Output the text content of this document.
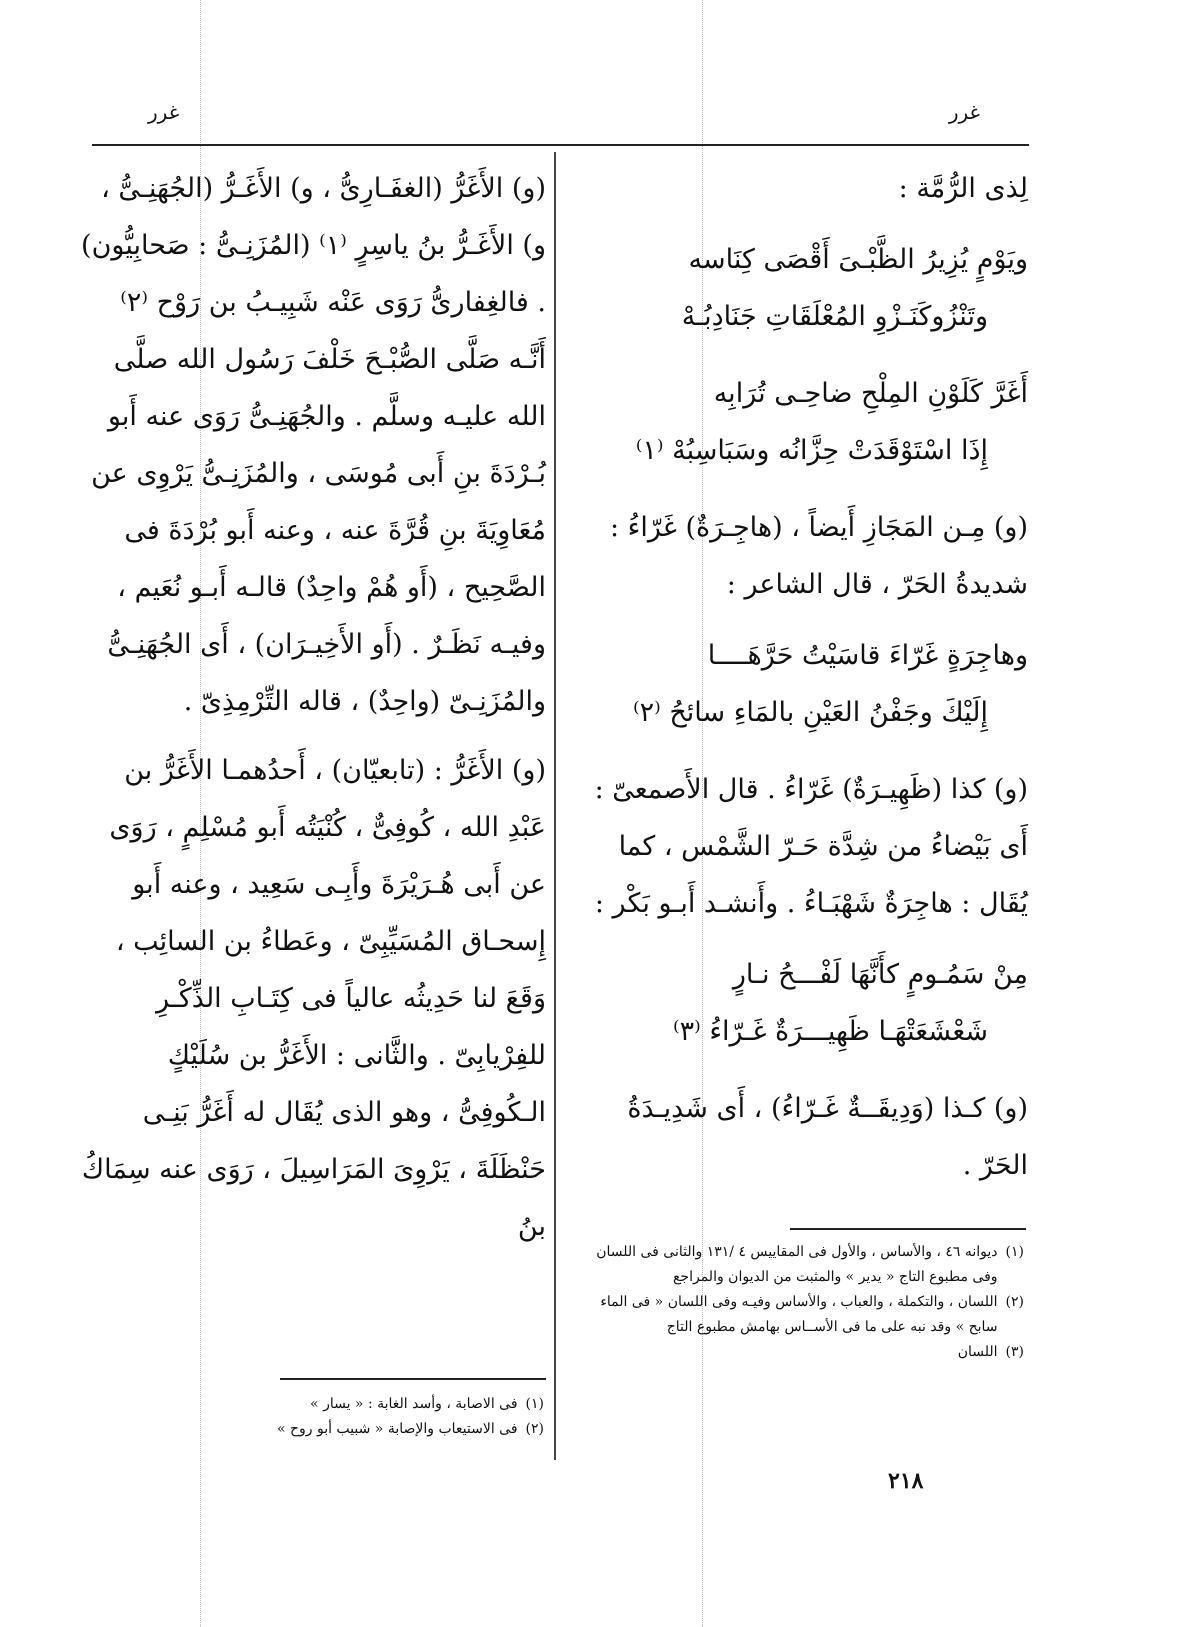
غرر
غرر

لِذى الرُّمَّة :

ويَوْمٍ يُزِيرُ الظَّبْـىَ أَقْصَى كِنَاسه

وتَنْزُوكَنَـزْوِ المُعْلَقَاتِ جَنَادِبُـهْ

أَغَرَّ كَلَوْنِ المِلْحِ ضاحِـى تُرَابِه

إِذَا اسْتَوْقَدَتْ حِزَّانُه وسَبَاسِبُهْ ⁽١⁾

(و) مِـن المَجَازِ أَيضاً ، (هاجِـرَةٌ) غَرّاءُ : شديدةُ الحَرّ ، قال الشاعر :

وهاجِرَةٍ غَرّاءَ قاسَيْتُ حَرَّهَــــا

إِلَيْكَ وجَفْنُ العَيْنِ بالمَاءِ سائحُ ⁽٢⁾

(و) كذا (ظَهِيـرَةٌ) غَرّاءُ . قال الأَصمعىّ : أَى بَيْضاءُ من شِدَّة حَـرّ الشَّمْس ، كما يُقَال : هاجِرَةٌ شَهْبَـاءُ . وأَنشـد أَبـو بَكْر :

مِنْ سَمُـومٍ كأَنَّهَا لَفْـــحُ نـارٍ

شَعْشَعَتْهَـا ظَهِيـــرَةٌ غَـرّاءُ ⁽٣⁾

(و) كـذا (وَدِيقَــةٌ غَـرّاءُ) ، أَى شَدِيـدَةُ الحَرّ .

(و) الأَغَرُّ (الغفَـارِىُّ ، و) الأَغَـرُّ (الجُهَنِـىُّ ، و) الأَغَـرُّ بنُ ياسِرٍ ⁽١⁾ (المُزَنِـىُّ : صَحابِيُّون) . فالغِفارىُّ رَوَى عَنْه شَبِيـبُ بن رَوْح ⁽٢⁾ أَنَّـه صَلَّى الصُّبْـحَ خَلْفَ رَسُول الله صلَّى الله عليـه وسلَّم . والجُهَنِـىُّ رَوَى عنه أَبو بُـرْدَةَ بنِ أَبى مُوسَى ، والمُزَنِـىُّ يَرْوِى عن مُعَاوِيَةَ بنِ قُرَّةَ عنه ، وعنه أَبو بُرْدَةَ فى الصَّحِيح ، (أَو هُمْ واحِدٌ) قالـه أَبـو نُعَيم ، وفيـه نَظَـرٌ . (أَو الأَخِيـرَان) ، أَى الجُهَنِـىُّ والمُزَنِـىّ (واحِدٌ) ، قاله التِّرْمِذِىّ .

(و) الأَغَرُّ : (تابعيّان) ، أَحدُهمـا الأَغَرُّ بن عَبْدِ الله ، كُوفِىٌّ ، كُنْيَتُه أَبو مُسْلِمٍ ، رَوَى عن أَبى هُـرَيْرَةَ وأَبِـى سَعِيد ، وعنه أَبو إِسحـاق المُسَيِّبِىّ ، وعَطاءُ بن السائِب ، وَقَعَ لنا حَدِيثُه عالياً فى كِتَـابِ الذِّكْـرِ للفِرْيابِىّ . والثَّانى : الأَغَرُّ بن سُلَيْكٍ الـكُوفِىُّ ، وهو الذى يُقَال له أَغَرُّ بَنِـى حَنْظَلَةَ ، يَرْوِىَ المَرَاسِيلَ ، رَوَى عنه سِمَاكُ بنُ

(١)
ديوانه ٤٦ ، والأساس ، والأول فى المقاييس ٤ /١٣١ والثانى فى اللسان وفى مطبوع التاج « يدير » والمثبت من الديوان والمراجع
(٢)
اللسان ، والتكملة ، والعباب ، والأساس وفيـه وفى اللسان « فى الماء سابح » وقد نبه على ما فى الأســاس بهامش مطبوع التاج
(٣)
اللسان
(١)
فى الاصابة ، وأسد الغابة : « يسار »
(٢)
فى الاستيعاب والإصابة « شبيب أبو روح »
٢١٨
